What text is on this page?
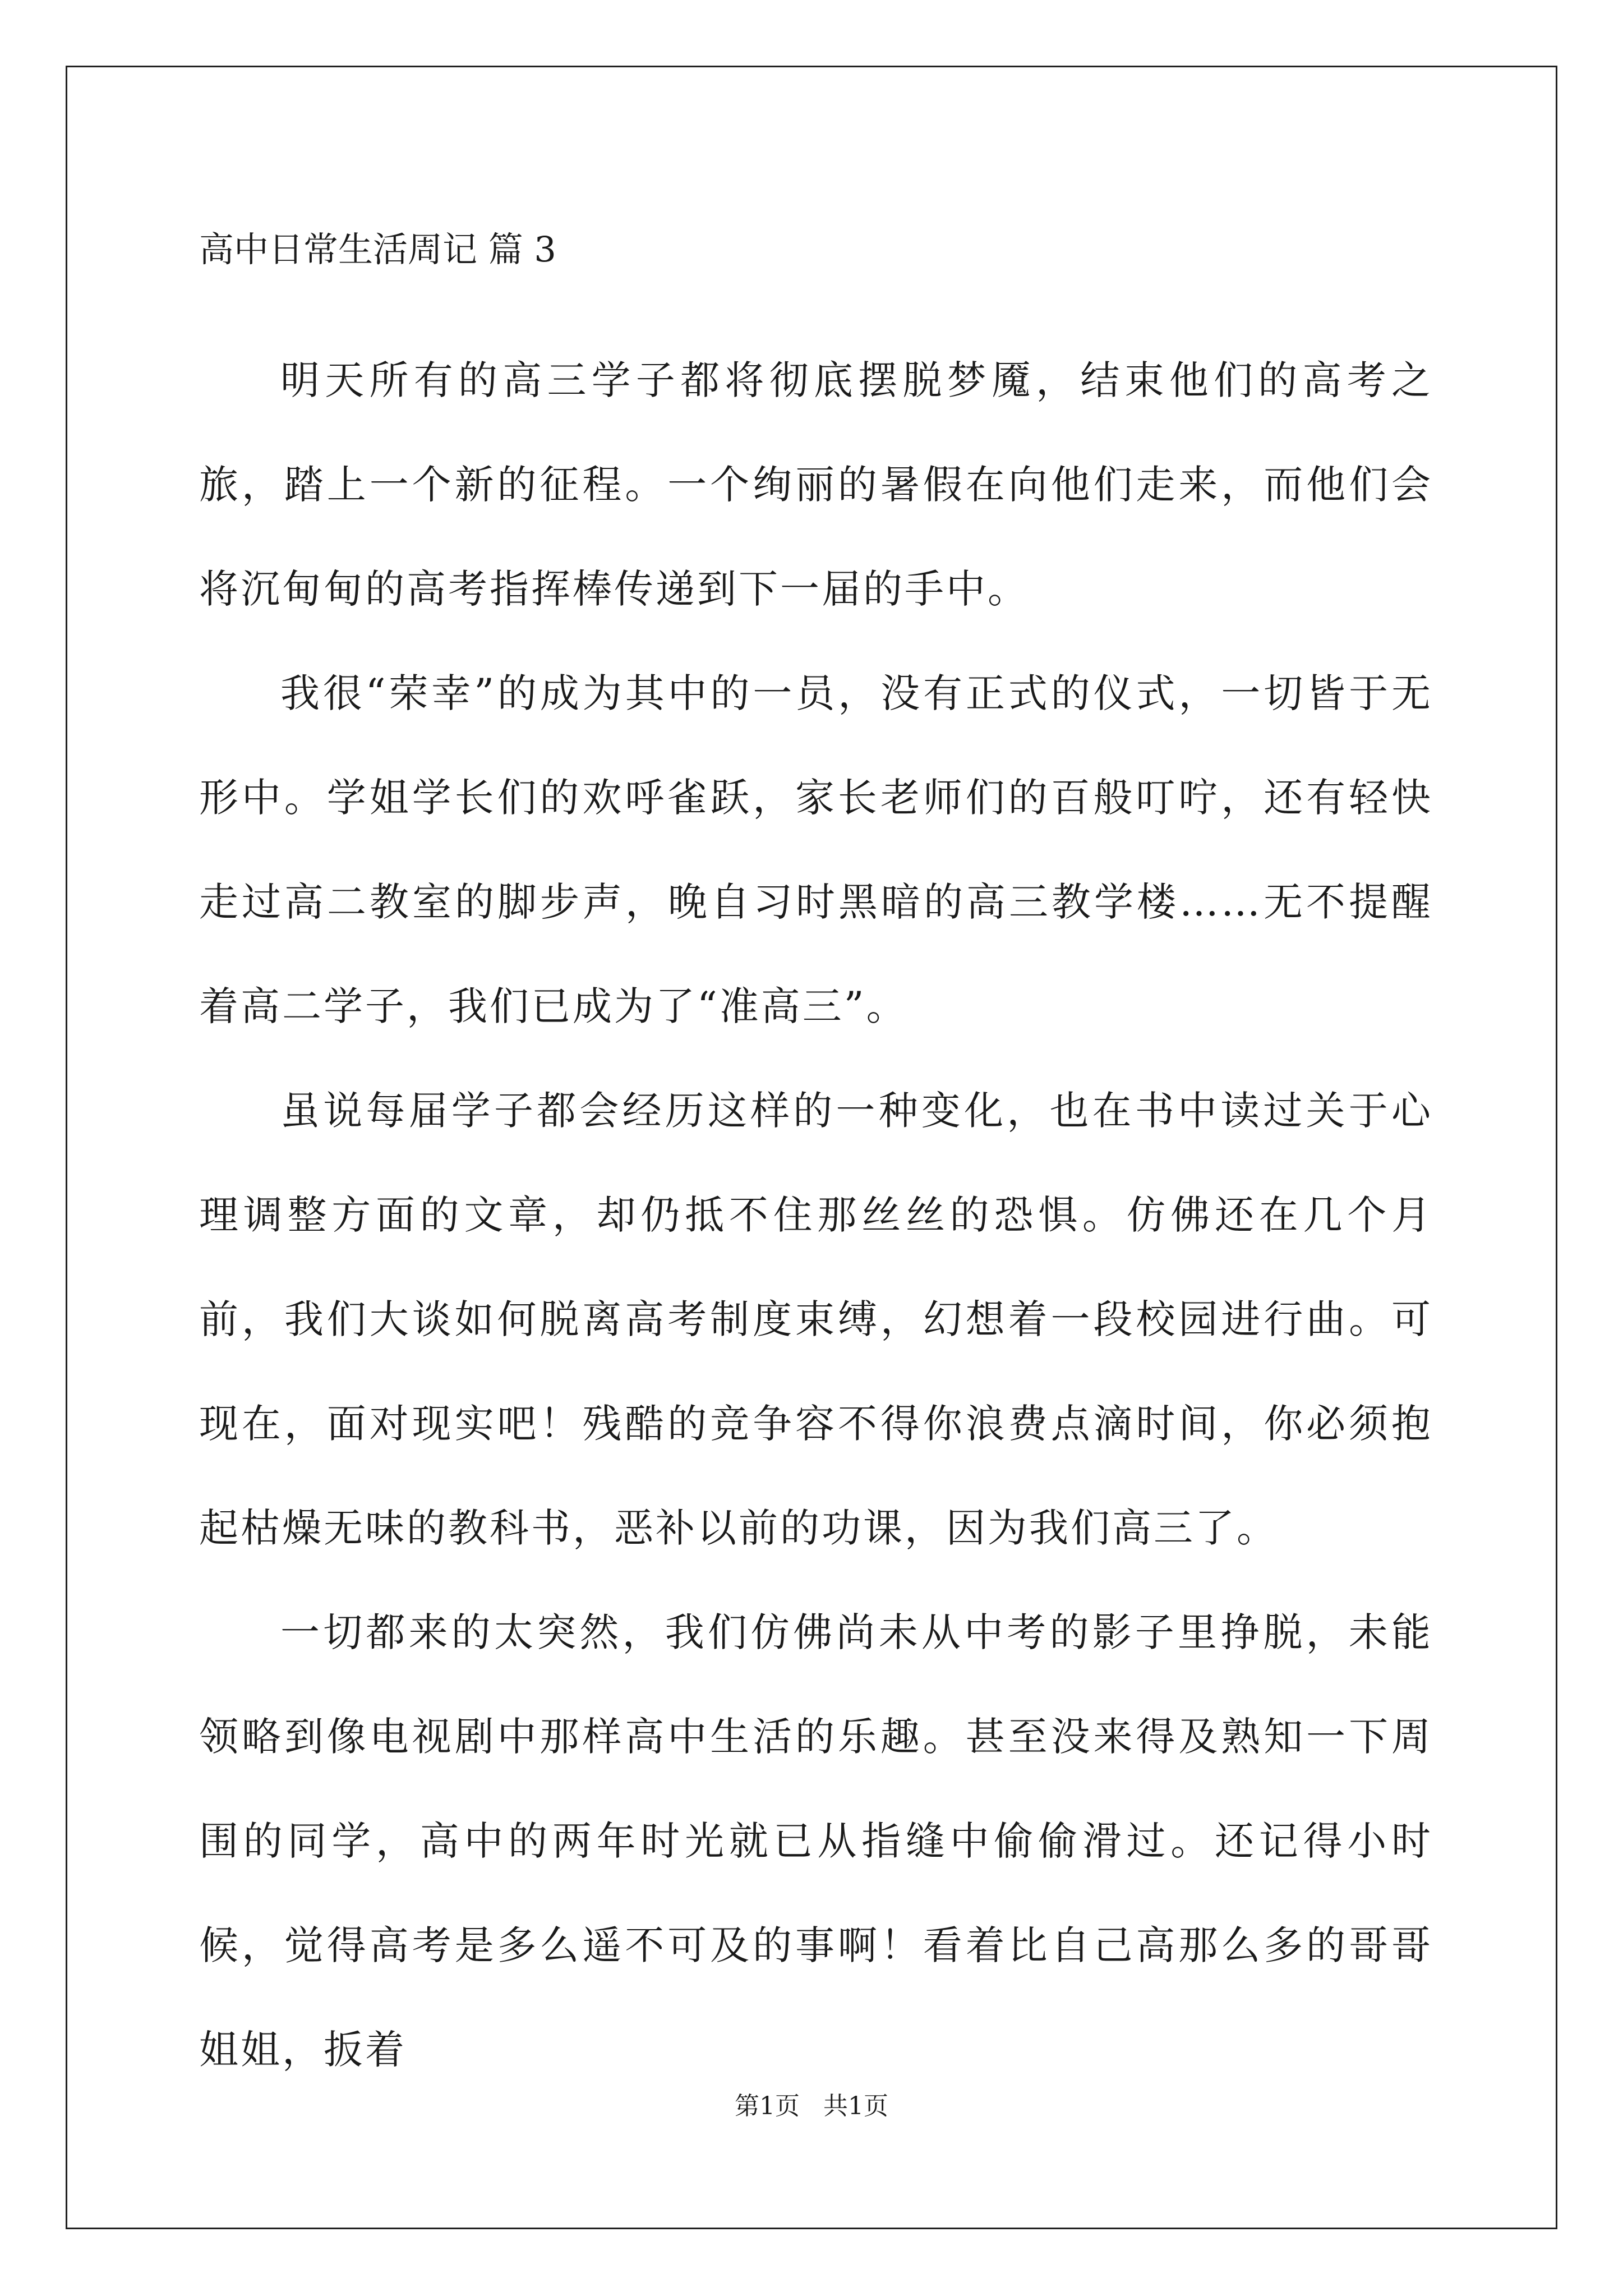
高中日常生活周记 篇 3

明天所有的高三学子都将彻底摆脱梦魇，结束他们的高考之旅，踏上一个新的征程。一个绚丽的暑假在向他们走来，而他们会将沉甸甸的高考指挥棒传递到下一届的手中。

我很“荣幸”的成为其中的一员，没有正式的仪式，一切皆于无形中。学姐学长们的欢呼雀跃，家长老师们的百般叮咛，还有轻快走过高二教室的脚步声，晚自习时黑暗的高三教学楼……无不提醒着高二学子，我们已成为了“准高三”。

虽说每届学子都会经历这样的一种变化，也在书中读过关于心理调整方面的文章，却仍抵不住那丝丝的恐惧。仿佛还在几个月前，我们大谈如何脱离高考制度束缚，幻想着一段校园进行曲。可现在，面对现实吧！残酷的竞争容不得你浪费点滴时间，你必须抱起枯燥无味的教科书，恶补以前的功课，因为我们高三了。

一切都来的太突然，我们仿佛尚未从中考的影子里挣脱，未能领略到像电视剧中那样高中生活的乐趣。甚至没来得及熟知一下周围的同学，高中的两年时光就已从指缝中偷偷滑过。还记得小时候，觉得高考是多么遥不可及的事啊！看着比自己高那么多的哥哥姐姐，扳着

第1页   共1页
